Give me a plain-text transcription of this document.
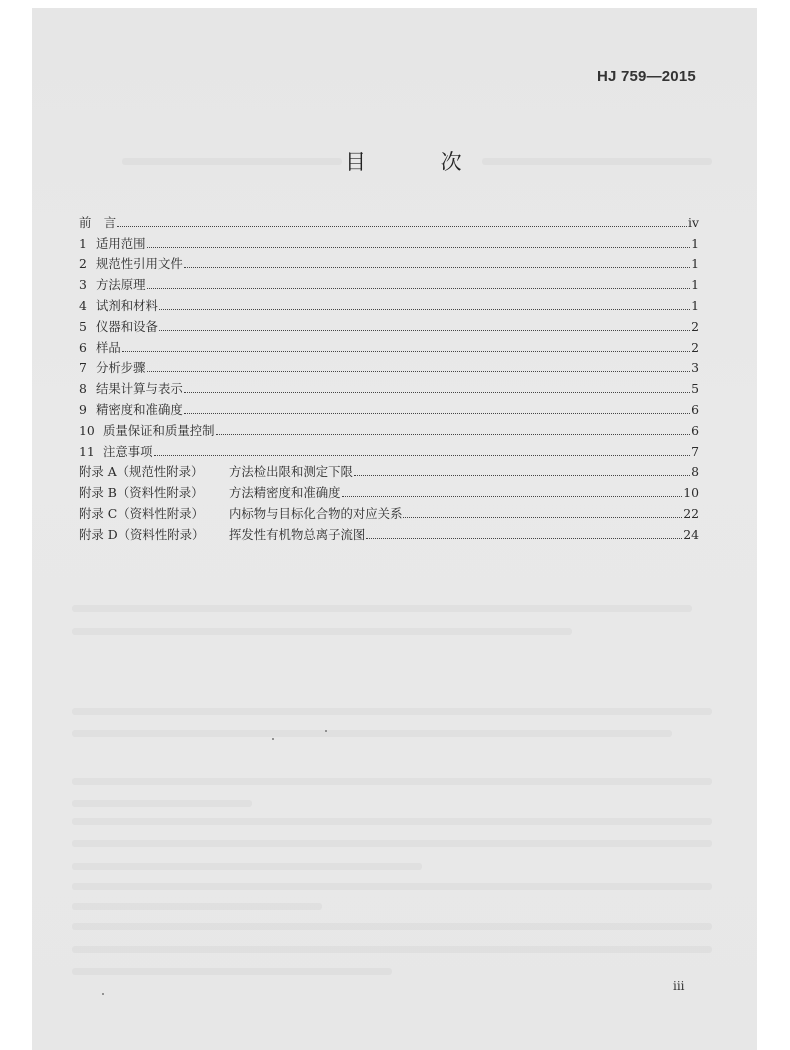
HJ 759—2015
目 次
前　言	iv
1 适用范围	1
2 规范性引用文件	1
3 方法原理	1
4 试剂和材料	1
5 仪器和设备	2
6 样品	2
7 分析步骤	3
8 结果计算与表示	5
9 精密度和准确度	6
10 质量保证和质量控制	6
11 注意事项	7
附录 A（规范性附录）	方法检出限和测定下限	8
附录 B（资料性附录）	方法精密度和准确度	10
附录 C（资料性附录）	内标物与目标化合物的对应关系	22
附录 D（资料性附录）	挥发性有机物总离子流图	24
iii
